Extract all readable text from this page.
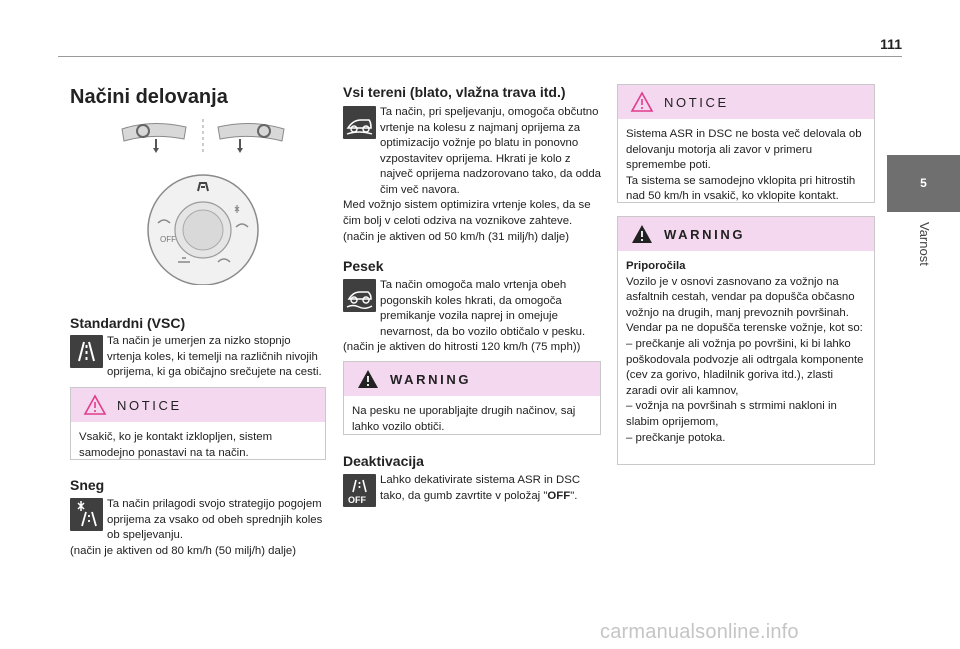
111
5
Varnost
Načini delovanja
OFF
Standardni (VSC)

Ta način je umerjen za nizko stopnjo vrtenja koles, ki temelji na različnih nivojih oprijema, ki ga običajno srečujete na cesti.

NOTICE
Vsakič, ko je kontakt izklopljen, sistem samodejno ponastavi na ta način.
Sneg

Ta način prilagodi svojo strategijo pogojem oprijema za vsako od obeh sprednjih koles ob speljevanju.

(način je aktiven od 80 km/h (50 milj/h) dalje)

Vsi tereni (blato, vlažna trava itd.)

Ta način, pri speljevanju, omogoča občutno vrtenje na kolesu z najmanj oprijema za optimizacijo vožnje po blatu in ponovno vzpostavitev oprijema. Hkrati je kolo z največ oprijema nadzorovano tako, da odda čim več navora.

Med vožnjo sistem optimizira vrtenje koles, da se čim bolj v celoti odziva na voznikove zahteve.

(način je aktiven od 50 km/h (31 milj/h) dalje)

Pesek

Ta način omogoča malo vrtenja obeh pogonskih koles hkrati, da omogoča premikanje vozila naprej in omejuje nevarnost, da bo vozilo obtičalo v pesku.

(način je aktiven do hitrosti 120 km/h (75 mph))

WARNING
Na pesku ne uporabljajte drugih načinov, saj lahko vozilo obtiči.
Deaktivacija
OFF

Lahko dekativirate sistema ASR in DSC tako, da gumb zavrtite v položaj "OFF".

NOTICE
Sistema ASR in DSC ne bosta več delovala ob delovanju motorja ali zavor v primeru spremembe poti.
Ta sistema se samodejno vklopita pri hitrostih nad 50 km/h in vsakič, ko vklopite kontakt.
WARNING
Priporočila
Vozilo je v osnovi zasnovano za vožnjo na asfaltnih cestah, vendar pa dopušča občasno vožnjo na drugih, manj prevoznih površinah.
Vendar pa ne dopušča terenske vožnje, kot so:
– prečkanje ali vožnja po površini, ki bi lahko poškodovala podvozje ali odtrgala komponente (cev za gorivo, hladilnik goriva itd.), zlasti zaradi ovir ali kamnov,
– vožnja na površinah s strmimi nakloni in slabim oprijemom,
– prečkanje potoka.
carmanualsonline.info
